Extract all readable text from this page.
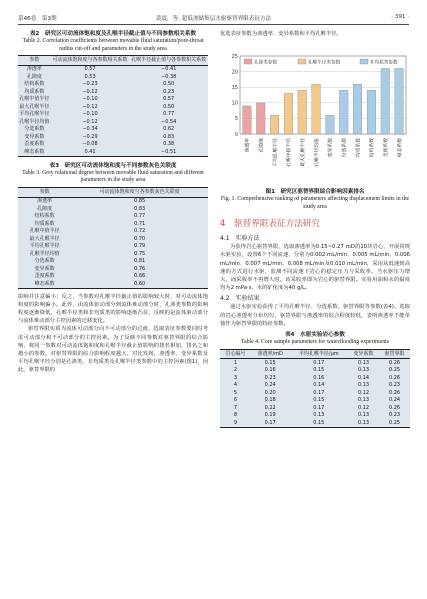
第46卷　第3期	裴震，等: 超低渗储集层水驱驱替界限表征方法	· 391 ·
表2　研究区可动流体饱和度及孔喉半径截止值与不同参数相关系数
Table 2. Correlation coefficients between movable fluid saturation/pore-throat radius cut-off and parameters in the study area
参数	可动流体饱和度与各参数相关系数	孔喉半径截止值与各参数相关系数
渗透率	0.57	−0.41
孔隙度	0.53	−0.38
结构系数	−0.23	0.50
均质系数	−0.12	0.23
孔喉中值半径	−0.10	0.57
最大孔喉半径	−0.12	0.50
平均孔喉半径	−0.10	0.77
孔喉半径均值	−0.12	−0.54
分选系数	−0.34	0.62
变异系数	−0.29	0.83
歪度系数	−0.08	0.38
峰态系数	0.41	−0.51
表3　研究区可动流体饱和度与不同参数灰色关联度
Table 3. Grey relational degree between movable fluid saturation and different parameters in the study area
参数	可动流体饱和度与各参数灰色关联度
渗透率	0.85
孔隙度	0.83
结构系数	0.77
均质系数	0.71
孔喉中值半径	0.72
最大孔喉半径	0.70
平均孔喉半径	0.79
孔喉半径均值	0.75
分选系数	0.81
变异系数	0.76
歪度系数	0.66
峰态系数	0.60

影响并注意偏小；反之，当参数对孔喉半径截止值的影响较大时，对可动流体饱和度的影响偏小。此外，由流体驱动部分到流体难动部分时，孔渗类参数的影响程度逐渐降低，孔喉半径类和非均质类的影响逐渐凸显，反映的是流体驱动部分与流体难动部分主控因素的迁移变化。

驱替界限实质为流体可动部分向不可动部分的过渡，选取表征参数要同时考虑可动部分和不可动部分的主控因素。为了反映不同参数对驱替界限的综合影响，将同一参数对可动流体饱和度和孔喉半径截止值影响的排名相加，排名之和越小的参数，对驱替界限的综合影响程度越大。对比发现，渗透率、变异系数及平均孔喉半径分别是孔渗类、非均质类及孔喉半径类参数中的主控因素(图1)，因此，驱替界限的

优选表征参数为渗透率、变异系数和平均孔喉半径。

0
5
10
15
20
25
孔渗类参数	孔喉半径类参数	非均质类参数
渗透率	孔隙度	平均孔喉半径	孔喉中值半径	最大孔喉半径	孔喉半径均值	变异系数	分选系数	均质系数	结构系数	歪度系数	峰态系数
图1　研究区驱替界限综合影响因素排名
Fig. 1. Comprehensive ranking of parameters affecting displacement limits in the study area
4　驱替界限表征方法研究
4.1　实验方法

为获得岩心驱替界限，选取渗透率为0.15~0.27 mD的10块岩心，开展常规水驱实验，设置6个不同流速，分别为0.002 mL/min、0.005 mL/min、0.006 mL/min、0.007 mL/min、0.008 mL/min及0.010 mL/min，采用从低速到高速的方式进行水驱，监测不同流速下岩心的稳定压力与采收率。当水驱压力增大，而采收率不再增大时，该采收率即为岩心的驱替界限。实验用油和水的黏度均为2 mPa·s，水的矿化度为40 g/L。

4.2　实验结果

通过水驱实验获得了平均孔喉半径、分选系数、驱替界限等参数(表4)。选取的岩心渗透率分布均匀，驱替界限与渗透率的拟合程度较低，表明渗透率不能单独作为驱替界限的特征参数。

表4　水驱实验岩心参数
Table 4. Core sample parameters for waterflooding experiments
岩心编号	渗透率/mD	平均孔喉半径/μm	变异系数	驱替界限
1	0.15	0.17	0.13	0.26
2	0.16	0.15	0.13	0.25
3	0.23	0.16	0.14	0.26
4	0.24	0.14	0.13	0.23
5	0.20	0.17	0.12	0.26
6	0.18	0.15	0.13	0.24
7	0.22	0.17	0.12	0.26
8	0.19	0.13	0.13	0.23
9	0.17	0.15	0.13	0.25
